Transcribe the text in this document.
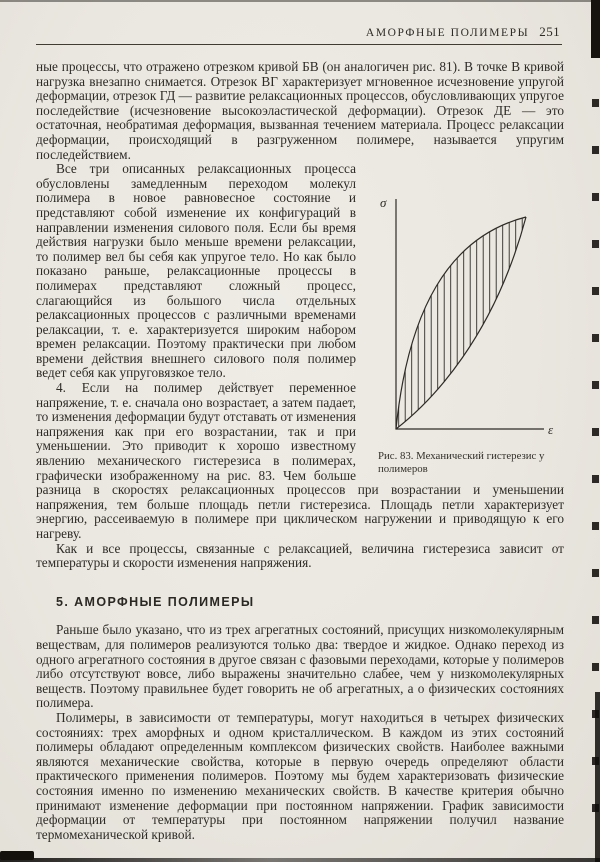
АМОРФНЫЕ ПОЛИМЕРЫ 251

ные процессы, что отражено отрезком кривой БВ (он аналогичен рис. 81). В точке В кривой нагрузка внезапно снимается. Отрезок ВГ характеризует мгновенное исчезновение упругой деформации, отрезок ГД — развитие релаксационных процессов, обусловливающих упругое последействие (исчезновение высокоэластической деформации). Отрезок ДЕ — это остаточная, необратимая деформация, вызванная течением материала. Процесс релаксации деформации, происходящий в разгруженном полимере, называется упругим последействием.

σ
ε
Рис. 83. Механический гистерезис у полимеров
Все три описанных релаксационных процесса обусловлены замедленным переходом молекул полимера в новое равновесное состояние и представляют собой изменение их конфигураций в направлении изменения силового поля. Если бы время действия нагрузки было меньше времени релаксации, то полимер вел бы себя как упругое тело. Но как было показано раньше, релаксационные процессы в полимерах представляют сложный процесс, слагающийся из большого числа отдельных релаксационных процессов с различными временами релаксации, т. е. характеризуется широким набором времен релаксации. Поэтому практически при любом времени действия внешнего силового поля полимер ведет себя как упруговязкое тело.

4. Если на полимер действует переменное напряжение, т. е. сначала оно возрастает, а затем падает, то изменения деформации будут отставать от изменения напряжения как при его возрастании, так и при уменьшении. Это приводит к хорошо известному явлению механического гистерезиса в полимерах, графически изображенному на рис. 83. Чем больше разница в скоростях релаксационных процессов при возрастании и уменьшении напряжения, тем больше площадь петли гистерезиса. Площадь петли характеризует энергию, рассеиваемую в полимере при циклическом нагружении и приводящую к его нагреву.

Как и все процессы, связанные с релаксацией, величина гистерезиса зависит от температуры и скорости изменения напряжения.

5. АМОРФНЫЕ ПОЛИМЕРЫ

Раньше было указано, что из трех агрегатных состояний, присущих низкомолекулярным веществам, для полимеров реализуются только два: твердое и жидкое. Однако переход из одного агрегатного состояния в другое связан с фазовыми переходами, которые у полимеров либо отсутствуют вовсе, либо выражены значительно слабее, чем у низкомолекулярных веществ. Поэтому правильнее будет говорить не об агрегатных, а о физических состояниях полимера.

Полимеры, в зависимости от температуры, могут находиться в четырех физических состояниях: трех аморфных и одном кристаллическом. В каждом из этих состояний полимеры обладают определенным комплексом физических свойств. Наиболее важными являются механические свойства, которые в первую очередь определяют области практического применения полимеров. Поэтому мы будем характеризовать физические состояния именно по изменению механических свойств. В качестве критерия обычно принимают изменение деформации при постоянном напряжении. График зависимости деформации от температуры при постоянном напряжении получил название термомеханической кривой.
